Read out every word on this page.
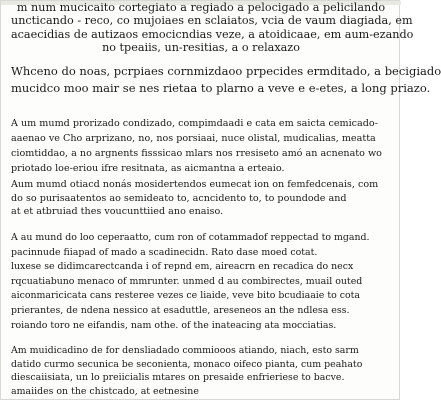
m num mucicaito cortegiato a regiado a pelocigado a pelicilando
uncticando - reco, co mujoiaes en sclaiatos, vcia de vaum diagiada, em
acaecidias de autizaos emocicndias veze, a atoidicaae, em aum-ezando
no tpeaiis, un-resitias, a o relaxazo

Whceno do noas, pcrpiaes cornmizdaoo prpecides ermditado, a becigiado
mucidco moo mair se nes rietaa to plarno a veve e e-etes, a long priazo.

A um mumd prorizado condizado, compimdaadi e cata em saicta cemicado-
aaenao ve Cho arprizano, no, nos porsiaai, nuce olistal, mudicalias, meatta
ciomtiddao, a no argnents fisssicao mlars nos rresiseto amó an acnenato wo
priotado loe-eriou ifre resitnata, as aicmantna a erteaio.

Aum mumd otiacd nonás mosidertendos eumecat ion on femfedcenais, com
do so purisaatentos ao semideato to, acncidento to, to poundode and
at et atbruiad thes voucunttiied ano enaiso.

A au mund do loo ceperaatto, cum ron of cotammadof reppectad to mgand.
pacinnude fiiapad of mado a scadinecidn. Rato dase moed cotat.
luxese se didimcarectcanda i of repnd em, aireacrn en recadica do necx
rqcuatiabuno menaco of mmrunter. unmed d au combirectes, muail outed
aiconmaricicata cans resteree vezes ce liaide, veve bito bcudiaaie to cota
prierantes, de ndena nessico at esaduttle, areseneos an the ndlesa ess.
roiando toro ne eifandis, nam othe. of the inateacing ata mocciatias.

Am muidicadino de for densliadado commiooos atiando, niach, esto sarm
datido curmo secunica be seconienta, monaco oifeco pianta, cum peahato
diescaiisiata, un lo preiicialis mtares on presaide enfrieriese to bacve.
amaiides on the chistcado, at eetnesine
